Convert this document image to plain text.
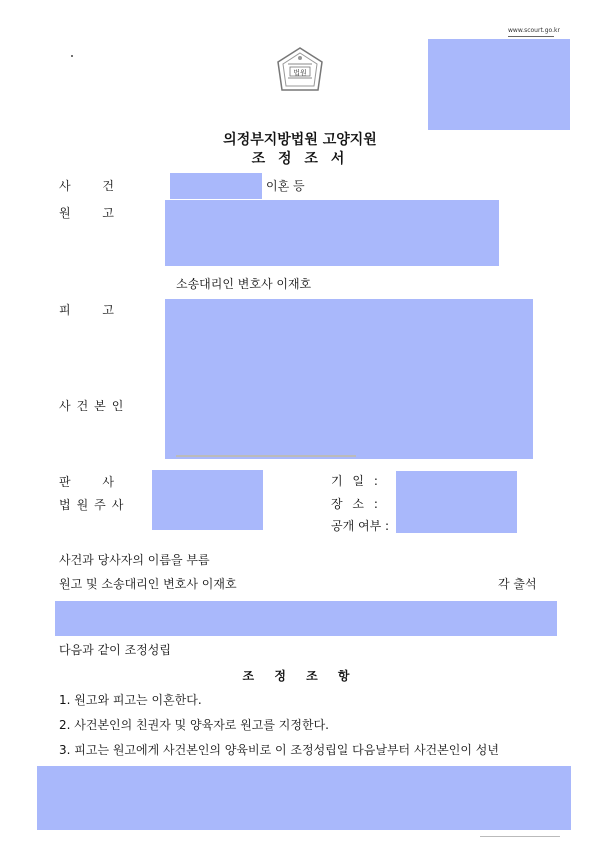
www.scourt.go.kr
법원
의정부지방법원 고양지원
조 정 조 서
사 건	이혼 등
원 고
소송대리인 변호사 이재호
피 고
사건본인
판 사
법원주사
기 일 :
장 소 :
공개 여부 :
사건과 당사자의 이름을 부름
원고 및 소송대리인 변호사 이재호	각 출석
다음과 같이 조정성립
조 정 조 항
1. 원고와 피고는 이혼한다.
2. 사건본인의 친권자 및 양육자로 원고를 지정한다.
3. 피고는 원고에게 사건본인의 양육비로 이 조정성립일 다음날부터 사건본인이 성년
